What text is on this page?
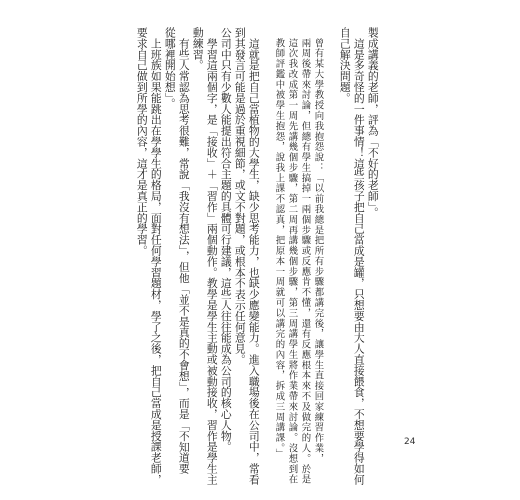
製成講義的老師，評為「不好的老師」。
　這是多奇怪的一件事情！這些孩子把自己當成是罐，只想要由大人直接餵食，不想要學得如何
自己解決問題。
曾有某大學教授向我抱怨說：「以前我總是把所有步驟都講完後，讓學生直接回家練習作業，
兩周後帶來討論，但總有學生搞掉一兩個步驟或反應肯不懂，還有反應根本來不及做完的人。於是
這次我改成第一周先講幾個步驟，第二周再講幾個步驟，第三周講學生將作業帶來討論。沒想到在
教師評鑑中被學生抱怨，說我上課不認真，把原本一周就可以講完的內容，拆成三周講課。」
　這就是把自己當植物的大學生，缺少思考能力，也缺少應變能力。進入職場後在公司中，常看
到其發言可能是過於重視細節，或文不對題，或根本不表示任何意見。
公司中只有少數人能提出符合主題的具體可行建議，這些人往往能成為公司的核心人物。
　學習這兩個字，是「接收」＋「習作」兩個動作。教學是學生主動或被動接收，習作是學生主
動練習。
　有些人常認為思考很難，常說「我沒有想法」，但他「並不是真的不會想」，而是「不知道要
從哪裡開始想」。
　上班族如果能跳出在學學生的格局，面對任何學習題材，學了之後，把自己當成是授課老師，
要求自己做到所學的內容，這才是真正的學習。
24
